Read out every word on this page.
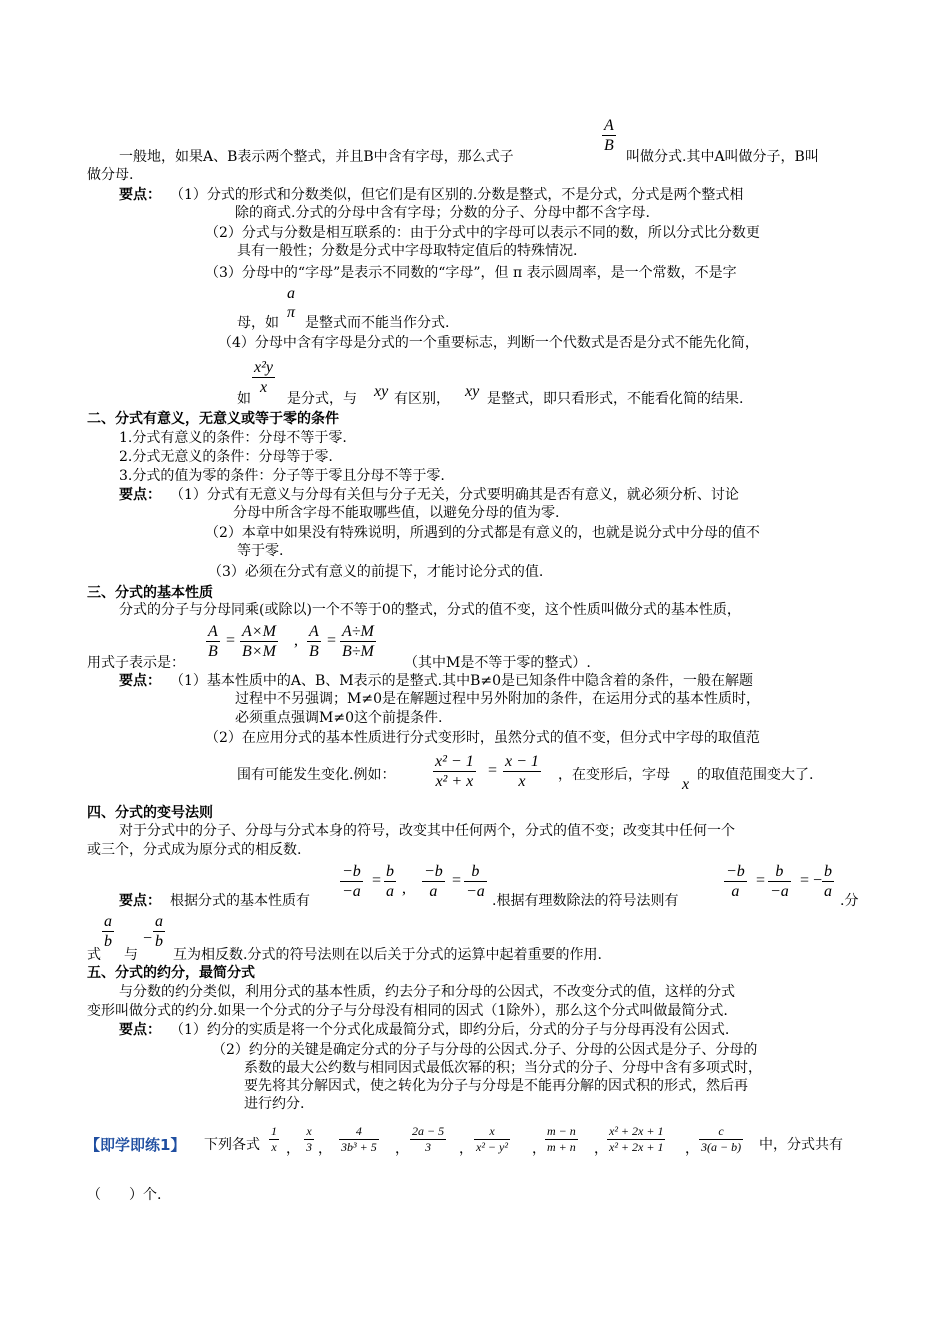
A
B
一般地，如果A、B表示两个整式，并且B中含有字母，那么式子	叫做分式.其中A叫做分子，B叫
做分母.
要点： （1）分式的形式和分数类似，但它们是有区别的.分数是整式，不是分式，分式是两个整式相
除的商式.分式的分母中含有字母；分数的分子、分母中都不含字母.
（2）分式与分数是相互联系的：由于分式中的字母可以表示不同的数，所以分式比分数更
具有一般性；分数是分式中字母取特定值后的特殊情况.
（3）分母中的“字母”是表示不同数的“字母”，但 π 表示圆周率，是一个常数，不是字
a
π
母，如 是整式而不能当作分式.
（4）分母中含有字母是分式的一个重要标志，判断一个代数式是否是分式不能先化简，
x²y
x
如	是分式，与 xy 有区别， xy 是整式，即只看形式，不能看化简的结果.
二、分式有意义，无意义或等于零的条件
1.分式有意义的条件：分母不等于零.
2.分式无意义的条件：分母等于零.
3.分式的值为零的条件：分子等于零且分母不等于零.
要点： （1）分式有无意义与分母有关但与分子无关，分式要明确其是否有意义，就必须分析、讨论
分母中所含字母不能取哪些值，以避免分母的值为零.
（2）本章中如果没有特殊说明，所遇到的分式都是有意义的，也就是说分式中分母的值不
等于零.
（3）必须在分式有意义的前提下，才能讨论分式的值.
三、分式的基本性质
分式的分子与分母同乘(或除以)一个不等于0的整式，分式的值不变，这个性质叫做分式的基本性质，
A
B
=
A×M
B×M
,
A
B
=
A÷M
B÷M
用式子表示是：	（其中M是不等于零的整式）.
要点： （1）基本性质中的A、B、M表示的是整式.其中B≠0是已知条件中隐含着的条件，一般在解题
过程中不另强调；M≠0是在解题过程中另外附加的条件，在运用分式的基本性质时，
必须重点强调M≠0这个前提条件.
（2）在应用分式的基本性质进行分式变形时，虽然分式的值不变，但分式中字母的取值范
x² − 1
x² + x
=
x − 1
x
围有可能发生变化.例如：	，在变形后，字母
x
的取值范围变大了.
四、分式的变号法则
对于分式中的分子、分母与分式本身的符号，改变其中任何两个，分式的值不变；改变其中任何一个
或三个，分式成为原分式的相反数.
−b
−a
=
b
a ,
−b
a
=
b
−a
−b
a
=
b
−a
= −
b
a
要点： 根据分式的基本性质有	.根据有理数除法的符号法则有	.分
a
b −
a
b
式 与	互为相反数.分式的符号法则在以后关于分式的运算中起着重要的作用.
五、分式的约分，最简分式
与分数的约分类似，利用分式的基本性质，约去分子和分母的公因式，不改变分式的值，这样的分式
变形叫做分式的约分.如果一个分式的分子与分母没有相同的因式（1除外），那么这个分式叫做最简分式.
要点： （1）约分的实质是将一个分式化成最简分式，即约分后，分式的分子与分母再没有公因式.
（2）约分的关键是确定分式的分子与分母的公因式.分子、分母的公因式是分子、分母的
系数的最大公约数与相同因式最低次幂的积；当分式的分子、分母中含有多项式时，
要先将其分解因式，使之转化为分子与分母是不能再分解的因式积的形式，然后再
进行约分.
【即学即练1】 下列各式
1
x ，
x
3 ，
4
3b³ + 5 ，
2a − 5
3	，
x
x² − y² ，
m − n
m + n ，
x² + 2x + 1
x² + 2x + 1 ，
c
3(a − b) 中，分式共有
（　　）个.
